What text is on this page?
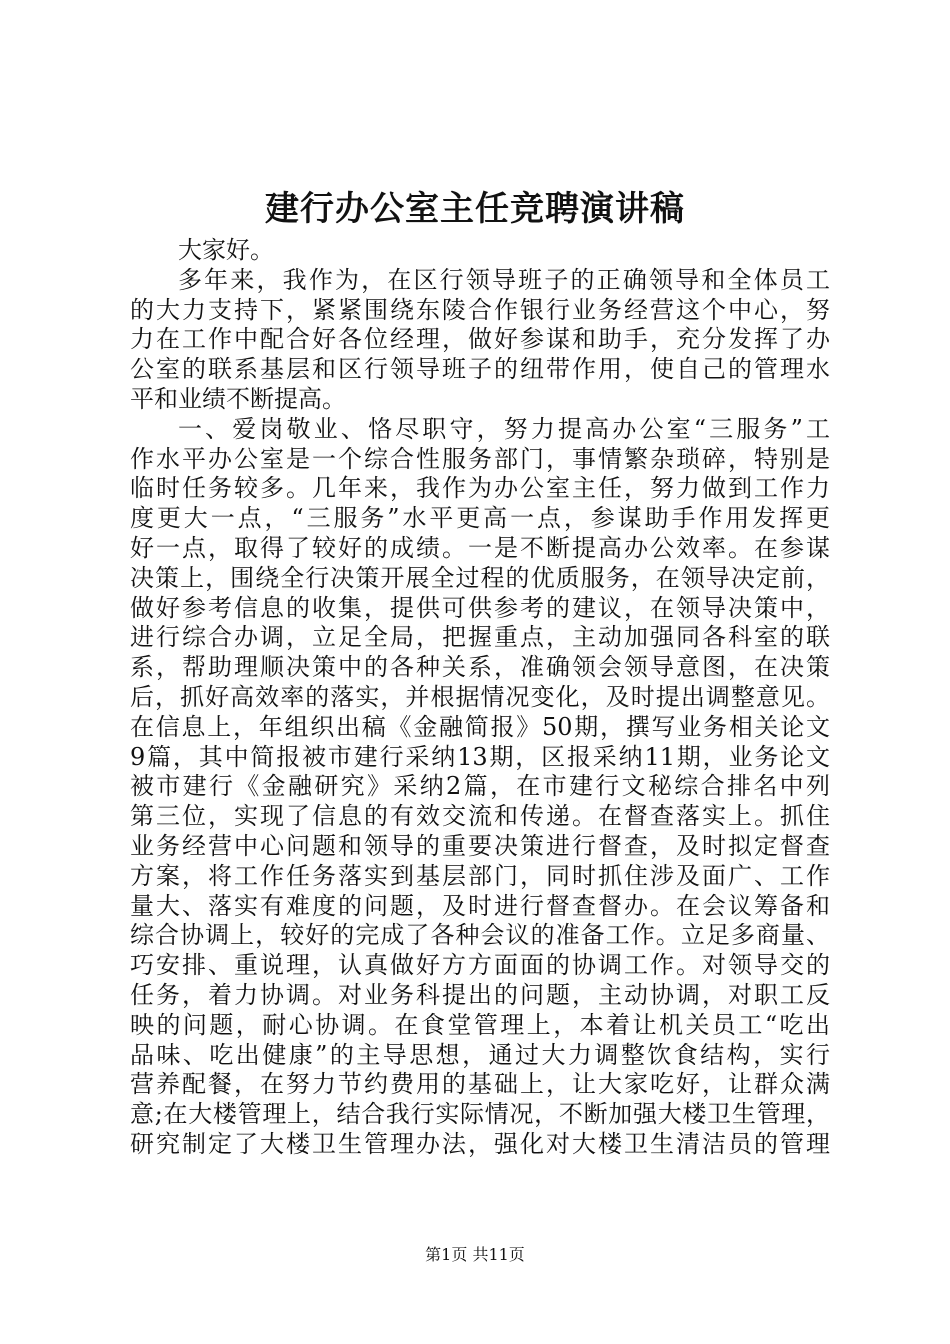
建行办公室主任竞聘演讲稿
大家好。
多年来，我作为，在区行领导班子的正确领导和全体员工
的大力支持下，紧紧围绕东陵合作银行业务经营这个中心，努
力在工作中配合好各位经理，做好参谋和助手，充分发挥了办
公室的联系基层和区行领导班子的纽带作用，使自己的管理水
平和业绩不断提高。
一、爱岗敬业、恪尽职守，努力提高办公室“三服务”工
作水平办公室是一个综合性服务部门，事情繁杂琐碎，特别是
临时任务较多。几年来，我作为办公室主任，努力做到工作力
度更大一点，“三服务”水平更高一点，参谋助手作用发挥更
好一点，取得了较好的成绩。一是不断提高办公效率。在参谋
决策上，围绕全行决策开展全过程的优质服务，在领导决定前，
做好参考信息的收集，提供可供参考的建议，在领导决策中，
进行综合办调，立足全局，把握重点，主动加强同各科室的联
系，帮助理顺决策中的各种关系，准确领会领导意图，在决策
后，抓好高效率的落实，并根据情况变化，及时提出调整意见。
在信息上，年组织出稿《金融简报》50期，撰写业务相关论文
9篇，其中简报被市建行采纳13期，区报采纳11期，业务论文
被市建行《金融研究》采纳2篇，在市建行文秘综合排名中列
第三位，实现了信息的有效交流和传递。在督查落实上。抓住
业务经营中心问题和领导的重要决策进行督查，及时拟定督查
方案，将工作任务落实到基层部门，同时抓住涉及面广、工作
量大、落实有难度的问题，及时进行督查督办。在会议筹备和
综合协调上，较好的完成了各种会议的准备工作。立足多商量、
巧安排、重说理，认真做好方方面面的协调工作。对领导交的
任务，着力协调。对业务科提出的问题，主动协调，对职工反
映的问题，耐心协调。在食堂管理上，本着让机关员工“吃出
品味、吃出健康”的主导思想，通过大力调整饮食结构，实行
营养配餐，在努力节约费用的基础上，让大家吃好，让群众满
意;在大楼管理上，结合我行实际情况，不断加强大楼卫生管理，
研究制定了大楼卫生管理办法，强化对大楼卫生清洁员的管理
第1页 共11页
